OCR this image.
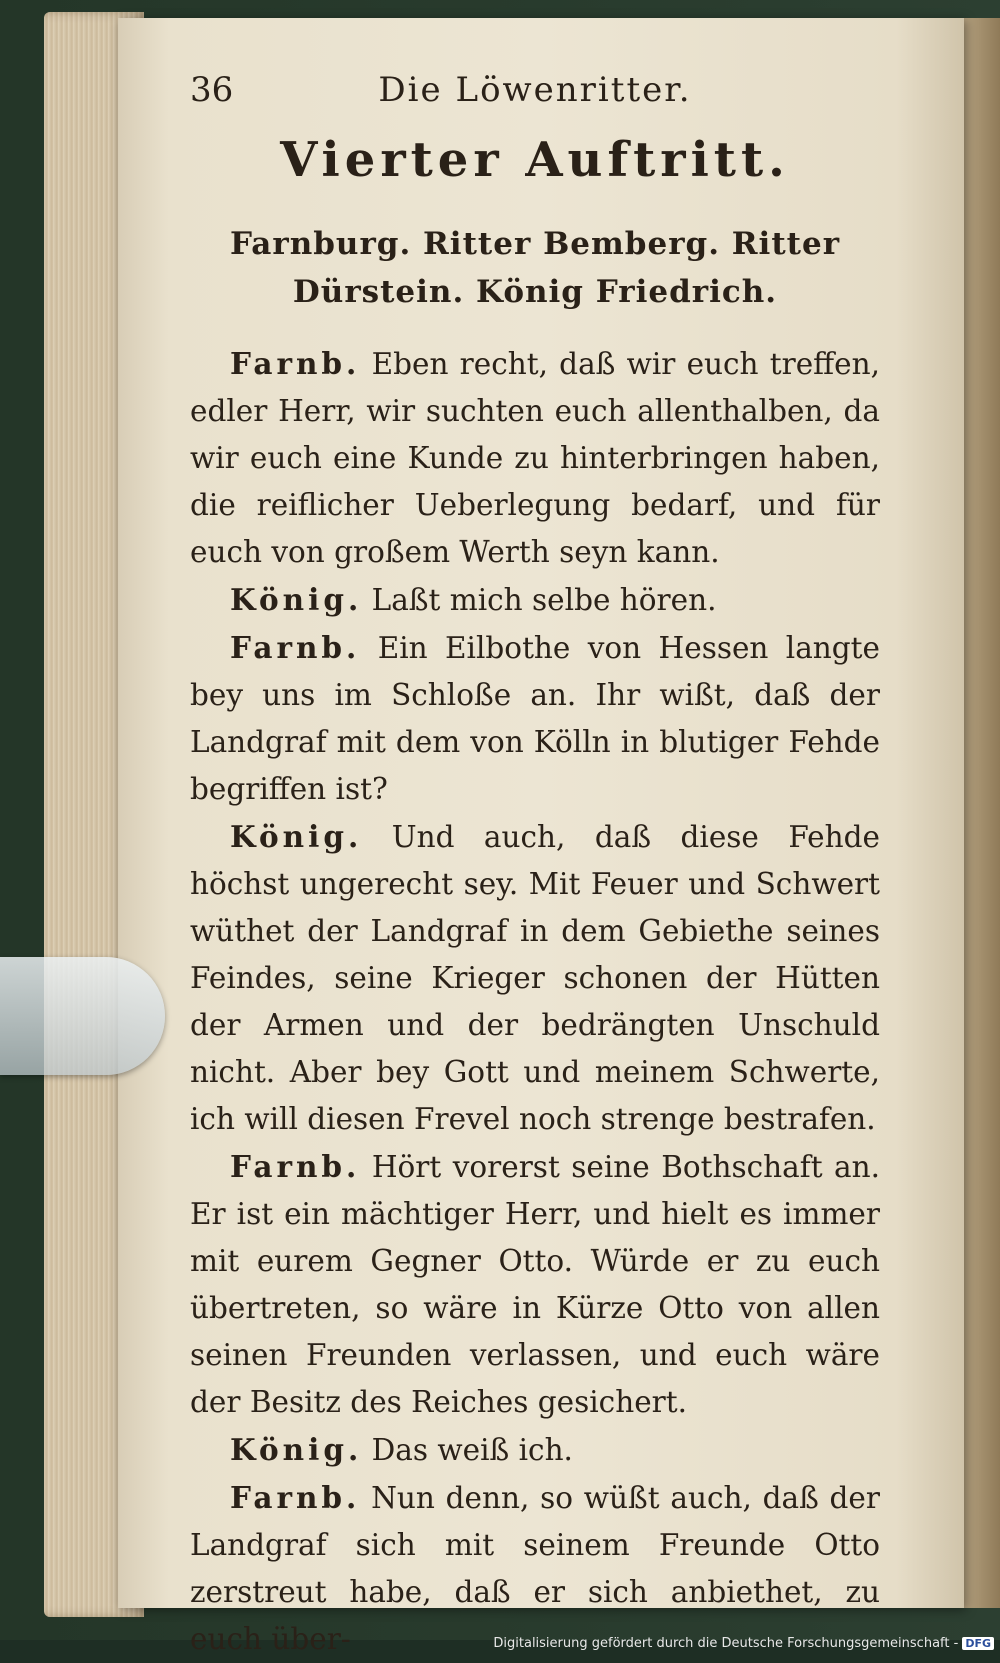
36	Die Löwenritter.
Vierter Auftritt.
Farnburg. Ritter Bemberg. Ritter Dürstein. König Friedrich.

Farnb. Eben recht, daß wir euch treffen, edler Herr, wir suchten euch allenthalben, da wir euch eine Kunde zu hinterbringen haben, die reiflicher Ueberlegung bedarf, und für euch von großem Werth seyn kann.

König. Laßt mich selbe hören.

Farnb. Ein Eilbothe von Hessen langte bey uns im Schloße an. Ihr wißt, daß der Landgraf mit dem von Kölln in blutiger Fehde begriffen ist?

König. Und auch, daß diese Fehde höchst ungerecht sey. Mit Feuer und Schwert wüthet der Landgraf in dem Gebiethe seines Feindes, seine Krieger schonen der Hütten der Armen und der bedrängten Unschuld nicht. Aber bey Gott und meinem Schwerte, ich will diesen Frevel noch strenge bestrafen.

Farnb. Hört vorerst seine Bothschaft an. Er ist ein mächtiger Herr, und hielt es immer mit eurem Gegner Otto. Würde er zu euch übertreten, so wäre in Kürze Otto von allen seinen Freunden verlassen, und euch wäre der Besitz des Reiches gesichert.

König. Das weiß ich.

Farnb. Nun denn, so wüßt auch, daß der Landgraf sich mit seinem Freunde Otto zerstreut habe, daß er sich anbiethet, zu euch über-	Digitalisierung gefördert durch die Deutsche Forschungsgemeinschaft - DFG
